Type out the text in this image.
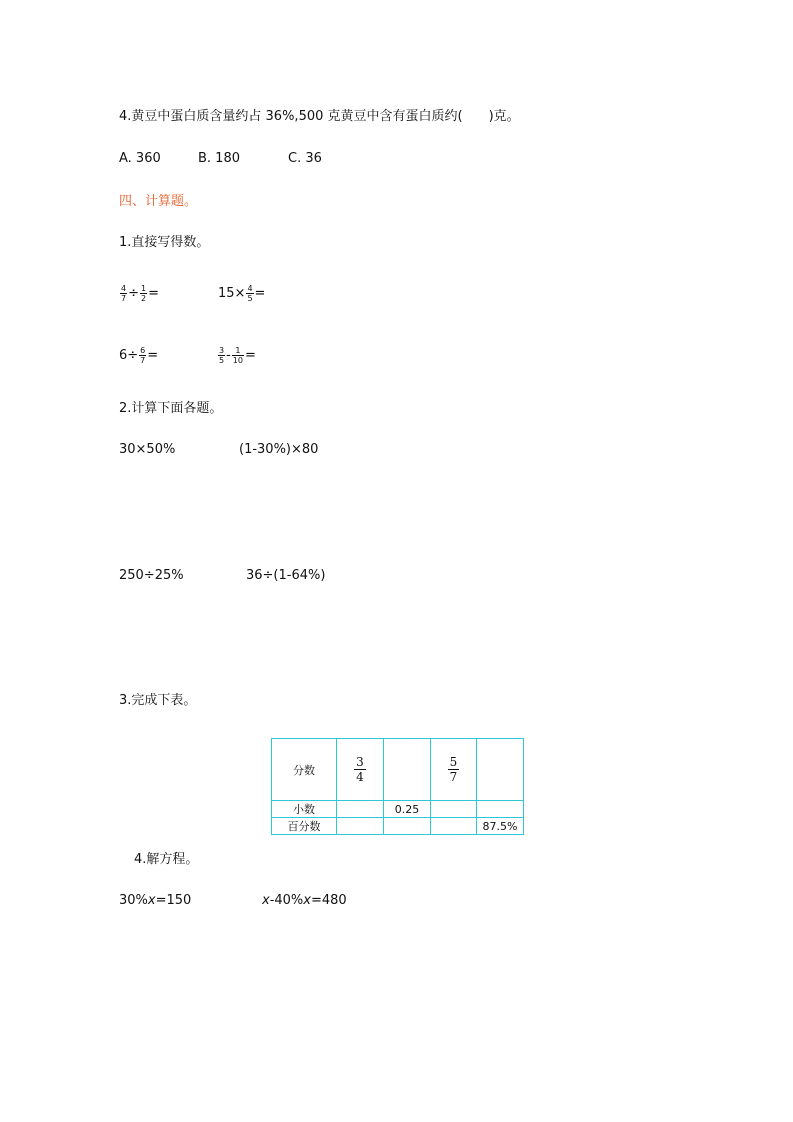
4.黄豆中蛋白质含量约占 36%,500 克黄豆中含有蛋白质约(　　 )克。
A. 360	B. 180	C. 36
四、计算题。
1.直接写得数。
$\frac{4}{7} \div \frac{1}{2}$ =	$15\times \frac{4}{5}$ =
$6\div \frac{6}{7}$ =	$\frac{3}{5} - \frac{1}{10}$ =
2.计算下面各题。
30×50%	(1-30%)×80
250÷25%	36÷(1-64%)
3.完成下表。
分数	$\frac{3}{4}$		$\frac{5}{7}$

小数		0.25		
百分数				87.5%
4.解方程。
30%x=150	x-40%x=480
